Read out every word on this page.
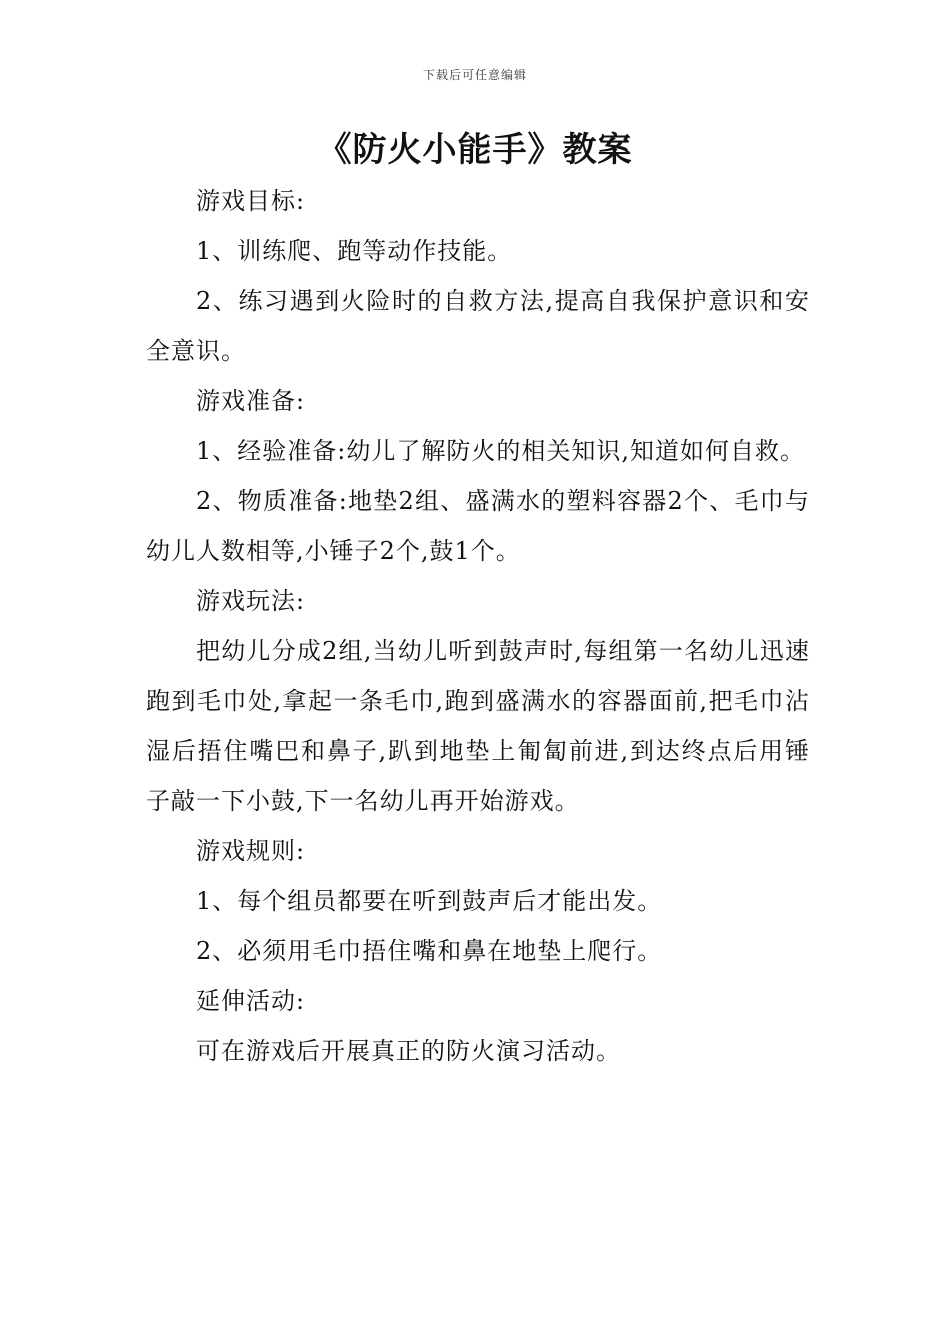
下载后可任意编辑
《防火小能手》教案

游戏目标:

1、训练爬、跑等动作技能。

2、练习遇到火险时的自救方法,提高自我保护意识和安全意识。

游戏准备:

1、经验准备:幼儿了解防火的相关知识,知道如何自救。

2、物质准备:地垫2组、盛满水的塑料容器2个、毛巾与幼儿人数相等,小锤子2个,鼓1个。

游戏玩法:

把幼儿分成2组,当幼儿听到鼓声时,每组第一名幼儿迅速跑到毛巾处,拿起一条毛巾,跑到盛满水的容器面前,把毛巾沾湿后捂住嘴巴和鼻子,趴到地垫上匍匐前进,到达终点后用锤子敲一下小鼓,下一名幼儿再开始游戏。

游戏规则:

1、每个组员都要在听到鼓声后才能出发。

2、必须用毛巾捂住嘴和鼻在地垫上爬行。

延伸活动:

可在游戏后开展真正的防火演习活动。
